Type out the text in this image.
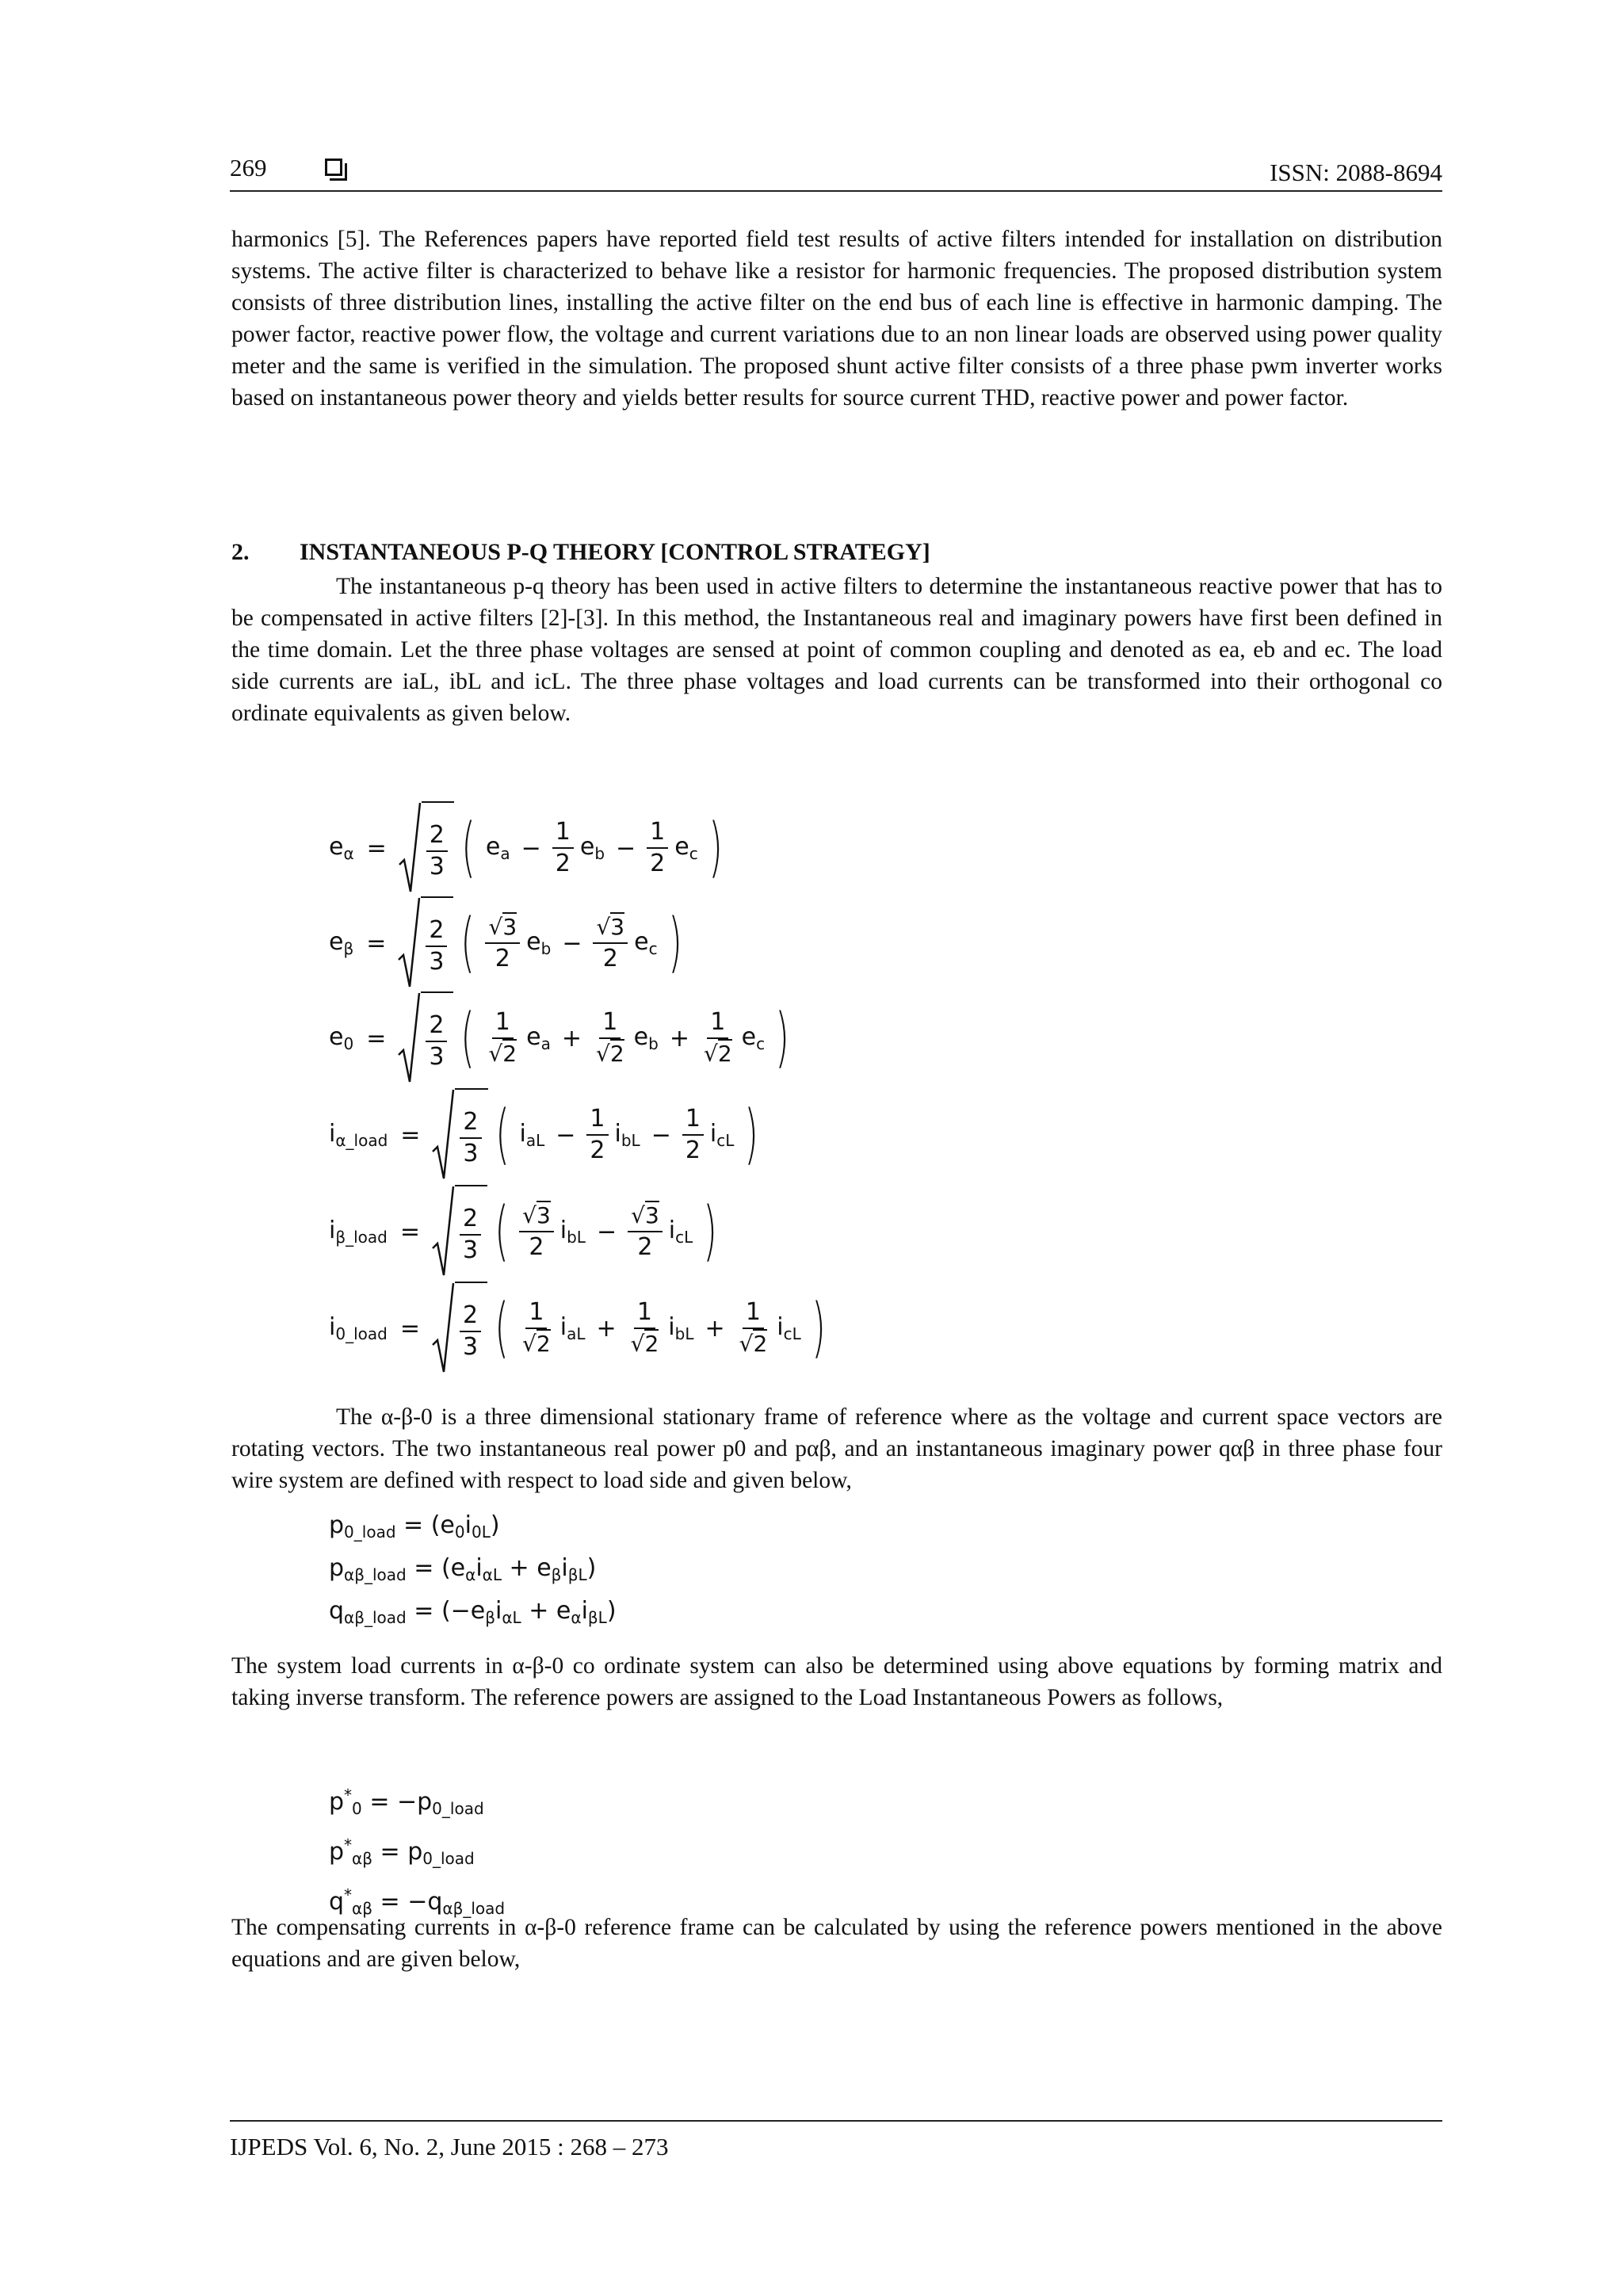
269	ISSN: 2088-8694

harmonics [5]. The References papers have reported field test results of active filters intended for installation on distribution systems. The active filter is characterized to behave like a resistor for harmonic frequencies. The proposed distribution system consists of three distribution lines, installing the active filter on the end bus of each line is effective in harmonic damping. The power factor, reactive power flow, the voltage and current variations due to an non linear loads are observed using power quality meter and the same is verified in the simulation. The proposed shunt active filter consists of a three phase pwm inverter works based on instantaneous power theory and yields better results for source current THD, reactive power and power factor.

2. INSTANTANEOUS P-Q THEORY [CONTROL STRATEGY]

The instantaneous p-q theory has been used in active filters to determine the instantaneous reactive power that has to be compensated in active filters [2]-[3]. In this method, the Instantaneous real and imaginary powers have first been defined in the time domain. Let the three phase voltages are sensed at point of common coupling and denoted as ea, eb and ec. The load side currents are iaL, ibL and icL. The three phase voltages and load currents can be transformed into their orthogonal co ordinate equivalents as given below.

$e_\alpha = \frac{2}{3}$ ( $e_a - \frac{1}{2} e_b - \frac{1}{2} e_c$ )
$e_\beta = \frac{2}{3}$ ( $\frac{√3}{2} e_b - \frac{√3}{2} e_c$ )
$e_0 = \frac{2}{3}$ ( $\frac{1}{√2} e_a + \frac{1}{√2} e_b + \frac{1}{√2} e_c$ )
$i_{\alpha\_load} = \frac{2}{3}$ ( $i_{aL} - \frac{1}{2} i_{bL} - \frac{1}{2} i_{cL}$ )
$i_{\beta\_load} = \frac{2}{3}$ ( $\frac{√3}{2} i_{bL} - \frac{√3}{2} i_{cL}$ )
$i_{0\_load} = \frac{2}{3}$ ( $\frac{1}{√2} i_{aL} + \frac{1}{√2} i_{bL} + \frac{1}{√2} i_{cL}$ )

The α-β-0 is a three dimensional stationary frame of reference where as the voltage and current space vectors are rotating vectors. The two instantaneous real power p0 and pαβ, and an instantaneous imaginary power qαβ in three phase four wire system are defined with respect to load side and given below,

$p_{0\_load} = (e_0i_{0L})$
$p_{\alpha\beta\_load} = (e_\alpha i_{\alpha L} + e_\beta i_{\beta L})$
$q_{\alpha\beta\_load} = (-e_\beta i_{\alpha L} + e_\alpha i_{\beta L})$

The system load currents in α-β-0 co ordinate system can also be determined using above equations by forming matrix and taking inverse transform. The reference powers are assigned to the Load Instantaneous Powers as follows,

$p^*_0 = -p_{0\_load}$
$p^*_{\alpha\beta} = p_{0\_load}$
$q^*_{\alpha\beta} = -q_{\alpha\beta\_load}$

The compensating currents in α-β-0 reference frame can be calculated by using the reference powers mentioned in the above equations and are given below,

IJPEDS Vol. 6, No. 2, June 2015 : 268 – 273
